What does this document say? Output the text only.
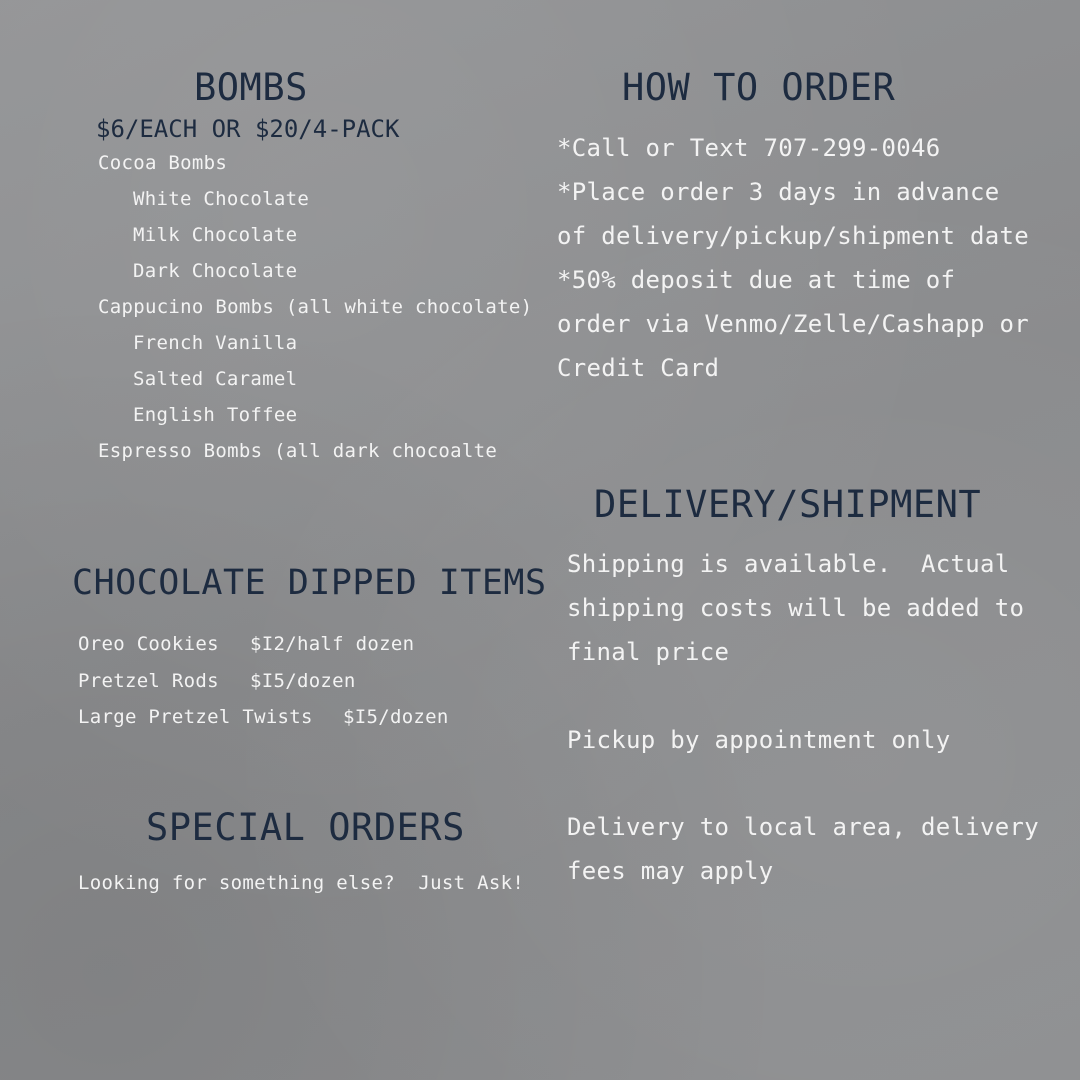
BOMBS
$6/EACH OR $20/4-PACK
Cocoa Bombs
White Chocolate
Milk Chocolate
Dark Chocolate
Cappucino Bombs (all white chocolate)
French Vanilla
Salted Caramel
English Toffee
Espresso Bombs (all dark chocoalte
HOW TO ORDER
*Call or Text 707-299-0046
*Place order 3 days in advance
of delivery/pickup/shipment date
*50% deposit due at time of
order via Venmo/Zelle/Cashapp or
Credit Card
CHOCOLATE DIPPED ITEMS
Oreo Cookies $I2/half dozen
Pretzel Rods $I5/dozen
Large Pretzel Twists $I5/dozen
SPECIAL ORDERS
Looking for something else?  Just Ask!
DELIVERY/SHIPMENT
Shipping is available.  Actual
shipping costs will be added to
final price
Pickup by appointment only
Delivery to local area, delivery
fees may apply
